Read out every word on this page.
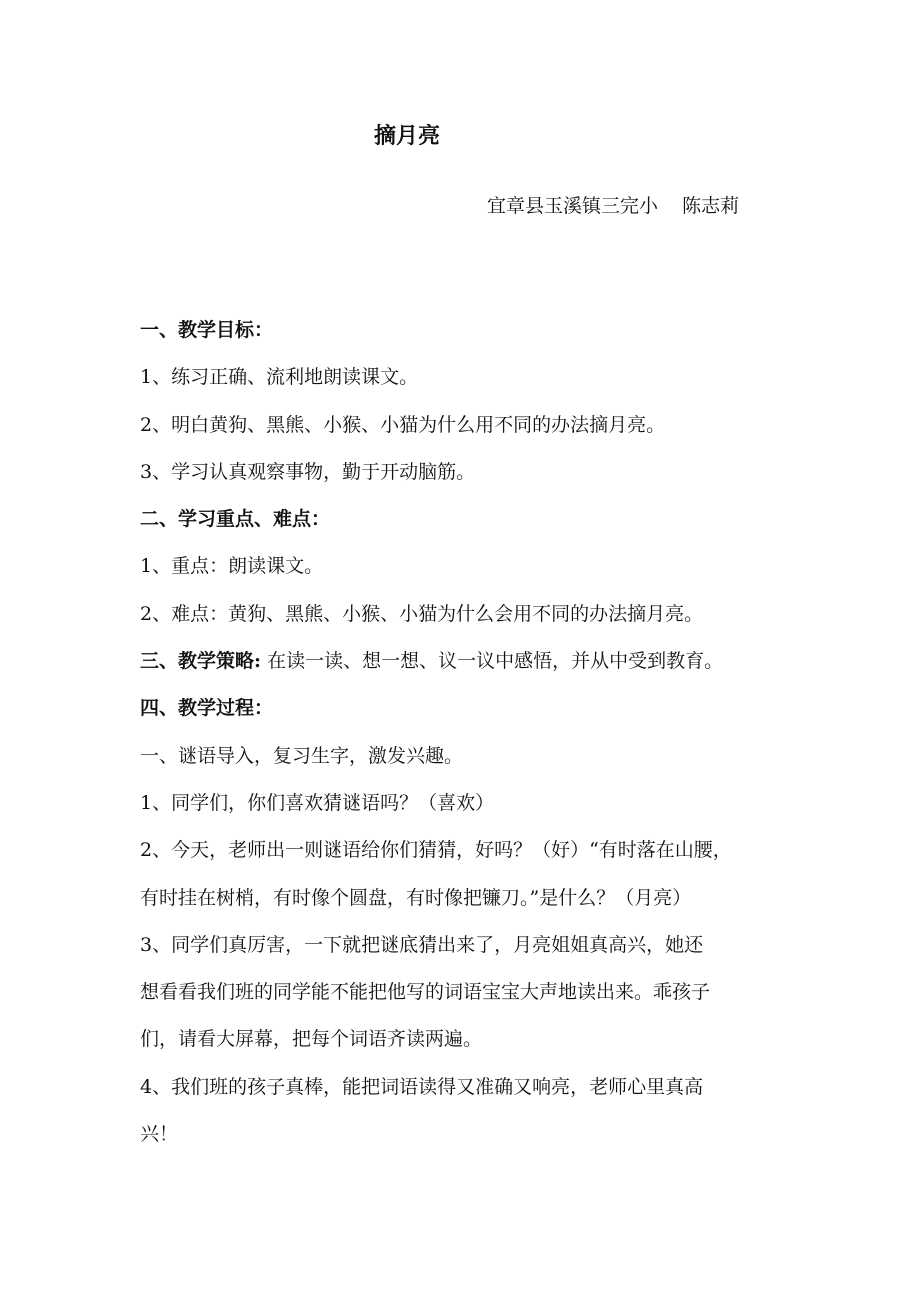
摘月亮
宜章县玉溪镇三完小    陈志莉
一、教学目标：
1、练习正确、流利地朗读课文。
2、明白黄狗、黑熊、小猴、小猫为什么用不同的办法摘月亮。
3、学习认真观察事物，勤于开动脑筋。
二、学习重点、难点：
1、重点：朗读课文。
2、难点：黄狗、黑熊、小猴、小猫为什么会用不同的办法摘月亮。
三、教学策略: 在读一读、想一想、议一议中感悟，并从中受到教育。
四、教学过程：
一、谜语导入，复习生字，激发兴趣。
1、同学们，你们喜欢猜谜语吗？（喜欢）
2、今天，老师出一则谜语给你们猜猜，好吗？（好）“有时落在山腰，
有时挂在树梢，有时像个圆盘，有时像把镰刀。”是什么？（月亮）
3、同学们真厉害，一下就把谜底猜出来了，月亮姐姐真高兴，她还
想看看我们班的同学能不能把他写的词语宝宝大声地读出来。乖孩子
们，请看大屏幕，把每个词语齐读两遍。
4、我们班的孩子真棒，能把词语读得又准确又响亮，老师心里真高
兴！
